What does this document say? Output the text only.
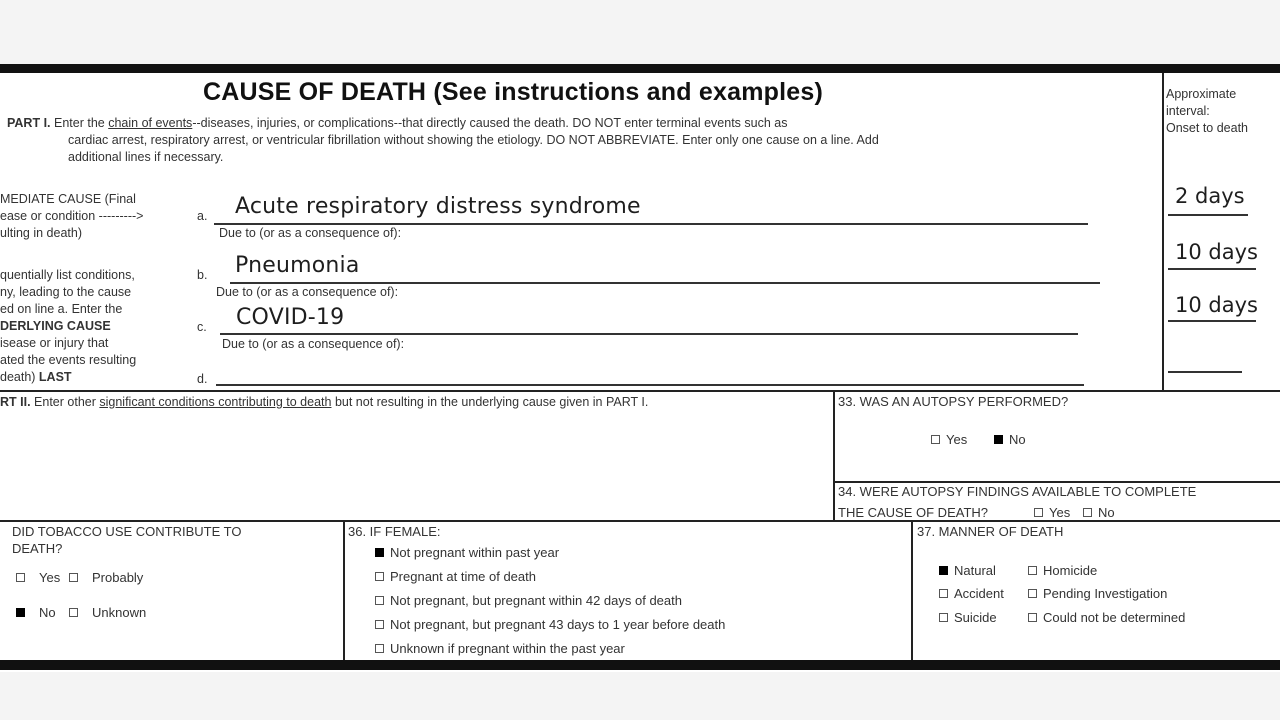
CAUSE OF DEATH (See instructions and examples)	Approximate
interval:
Onset to death
PART I. Enter the chain of events--diseases, injuries, or complications--that directly caused the death. DO NOT enter terminal events such as
cardiac arrest, respiratory arrest, or ventricular fibrillation without showing the etiology. DO NOT ABBREVIATE. Enter only one cause on a line. Add
additional lines if necessary.
MEDIATE CAUSE (Final
ease or condition --------->
ulting in death)
quentially list conditions,
ny, leading to the cause
ed on line a. Enter the
DERLYING CAUSE
isease or injury that
ated the events resulting
death) LAST
a. Acute respiratory distress syndrome
Due to (or as a consequence of):
2 days
b. Pneumonia
Due to (or as a consequence of):
10 days
c. COVID-19
Due to (or as a consequence of):
10 days
d.
RT II. Enter other significant conditions contributing to death but not resulting in the underlying cause given in PART I.	33. WAS AN AUTOPSY PERFORMED?
Yes	No
34. WERE AUTOPSY FINDINGS AVAILABLE TO COMPLETE
THE CAUSE OF DEATH?	Yes No
DID TOBACCO USE CONTRIBUTE TO
DEATH?
Yes Probably
No	Unknown
36. IF FEMALE:
Not pregnant within past year
Pregnant at time of death
Not pregnant, but pregnant within 42 days of death
Not pregnant, but pregnant 43 days to 1 year before death
Unknown if pregnant within the past year
37. MANNER OF DEATH
Natural	Homicide
Accident	Pending Investigation
Suicide	Could not be determined
